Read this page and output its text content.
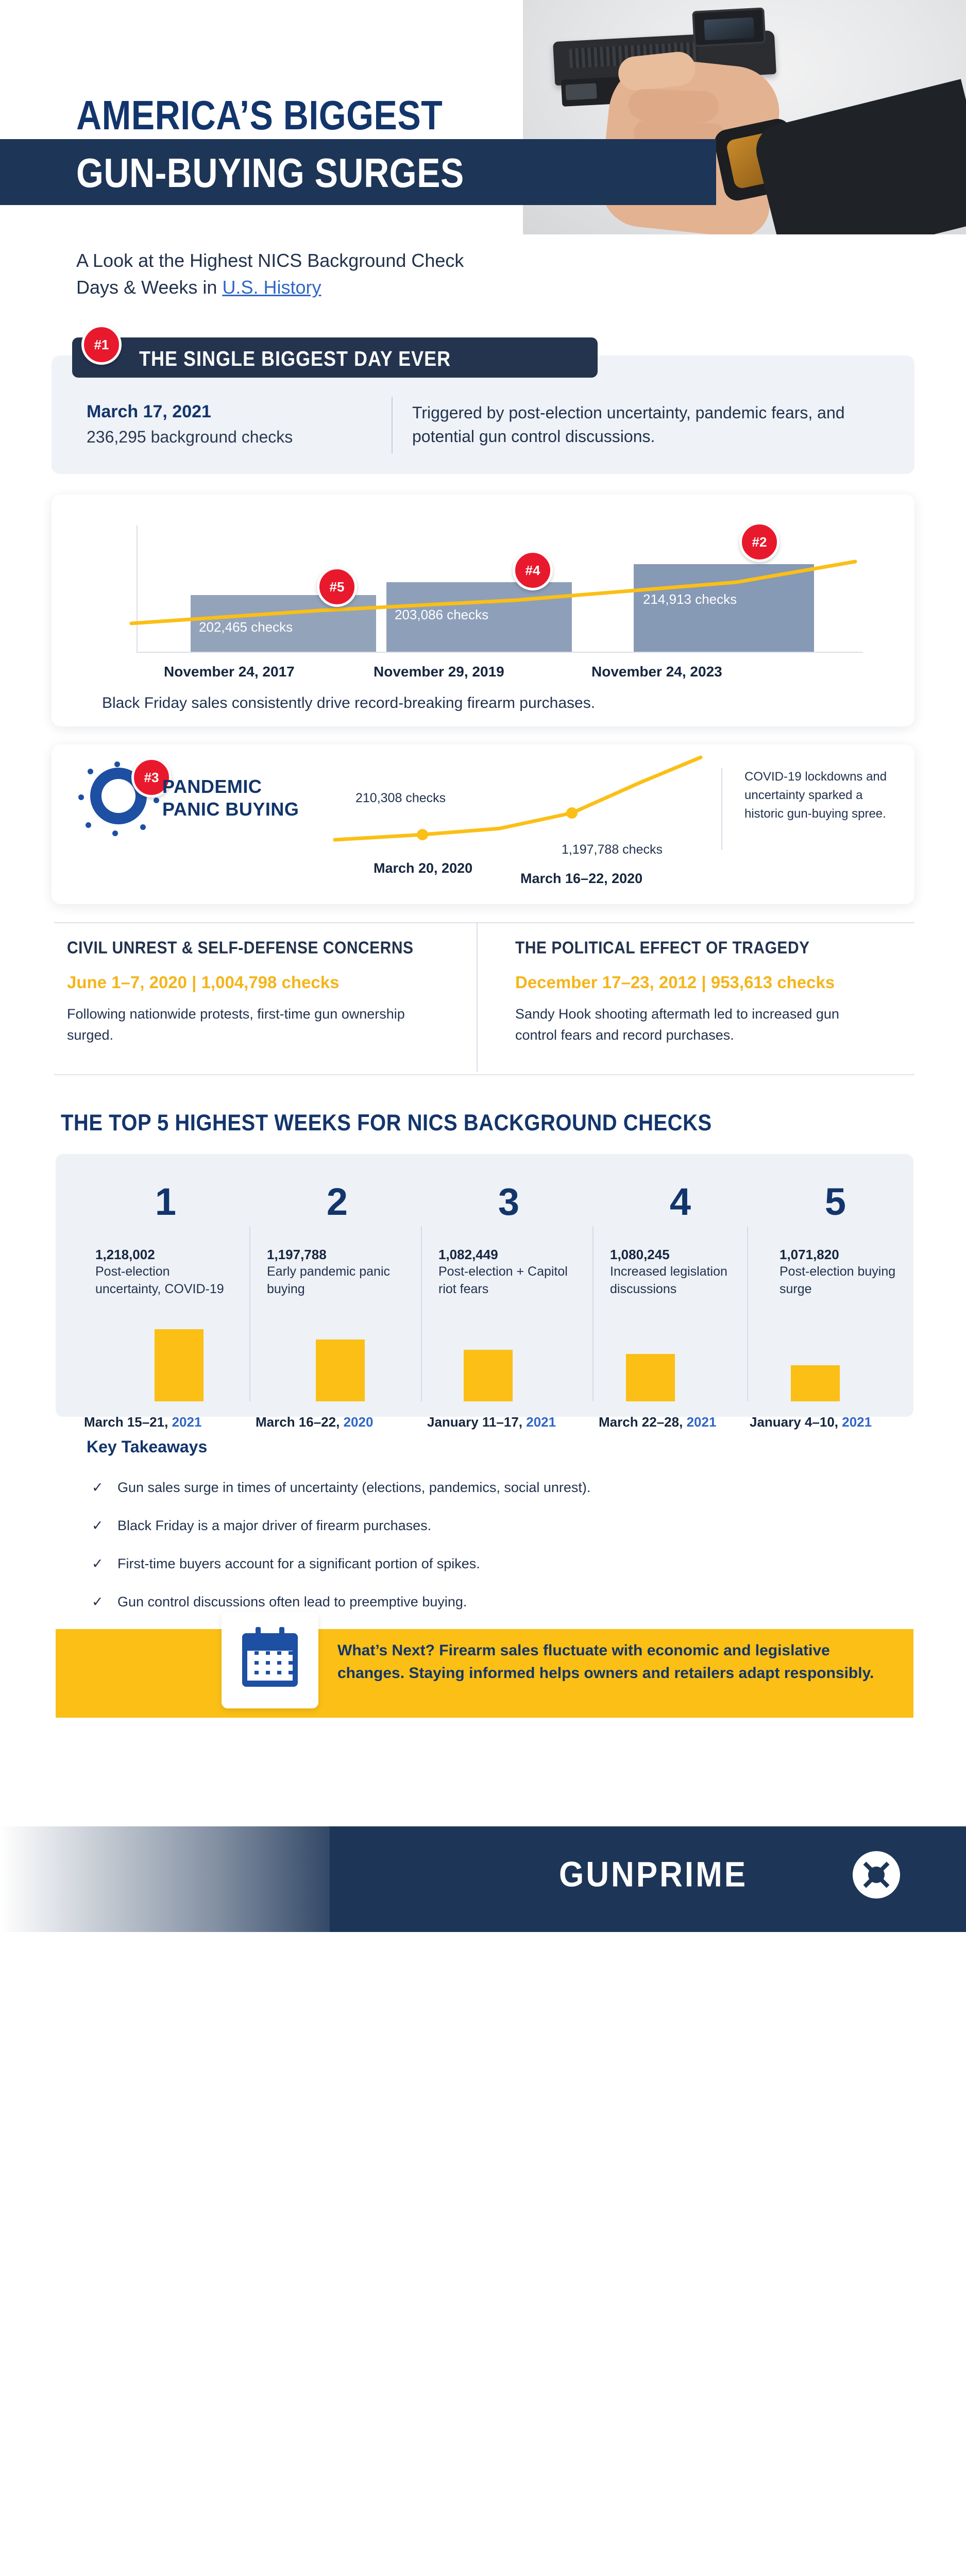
AMERICA’S BIGGEST
GUN-BUYING SURGES
A Look at the Highest NICS Background Check
Days & Weeks in U.S. History
THE SINGLE BIGGEST DAY EVER
#1
March 17, 2021
236,295 background checks
Triggered by post-election uncertainty, pandemic fears, and potential gun control discussions.
202,465 checks
203,086 checks
214,913 checks
#5
#4
#2
November 24, 2017	November 29, 2019	November 24, 2023
Black Friday sales consistently drive record-breaking firearm purchases.
#3 PANDEMIC
PANIC BUYING
210,308 checks
1,197,788 checks
March 20, 2020
March 16–22, 2020
COVID-19 lockdowns and uncertainty sparked a historic gun-buying spree.
CIVIL UNREST & SELF-DEFENSE CONCERNS
June 1–7, 2020 | 1,004,798 checks
Following nationwide protests, first-time gun ownership surged.
THE POLITICAL EFFECT OF TRAGEDY
December 17–23, 2012 | 953,613 checks
Sandy Hook shooting aftermath led to increased gun control fears and record purchases.
THE TOP 5 HIGHEST WEEKS FOR NICS BACKGROUND CHECKS
1
1,218,002
Post-election uncertainty, COVID-19
March 15–21, 2021
2
1,197,788
Early pandemic panic buying
March 16–22, 2020
3
1,082,449
Post-election + Capitol riot fears
January 11–17, 2021
4
1,080,245
Increased legislation discussions
March 22–28, 2021
5
1,071,820
Post-election buying surge
January 4–10, 2021
Key Takeaways
✓ Gun sales surge in times of uncertainty (elections, pandemics, social unrest).
✓ Black Friday is a major driver of firearm purchases.
✓ First-time buyers account for a significant portion of spikes.
✓ Gun control discussions often lead to preemptive buying.
What’s Next? Firearm sales fluctuate with economic and legislative changes. Staying informed helps owners and retailers adapt responsibly.
GUNPRIME
